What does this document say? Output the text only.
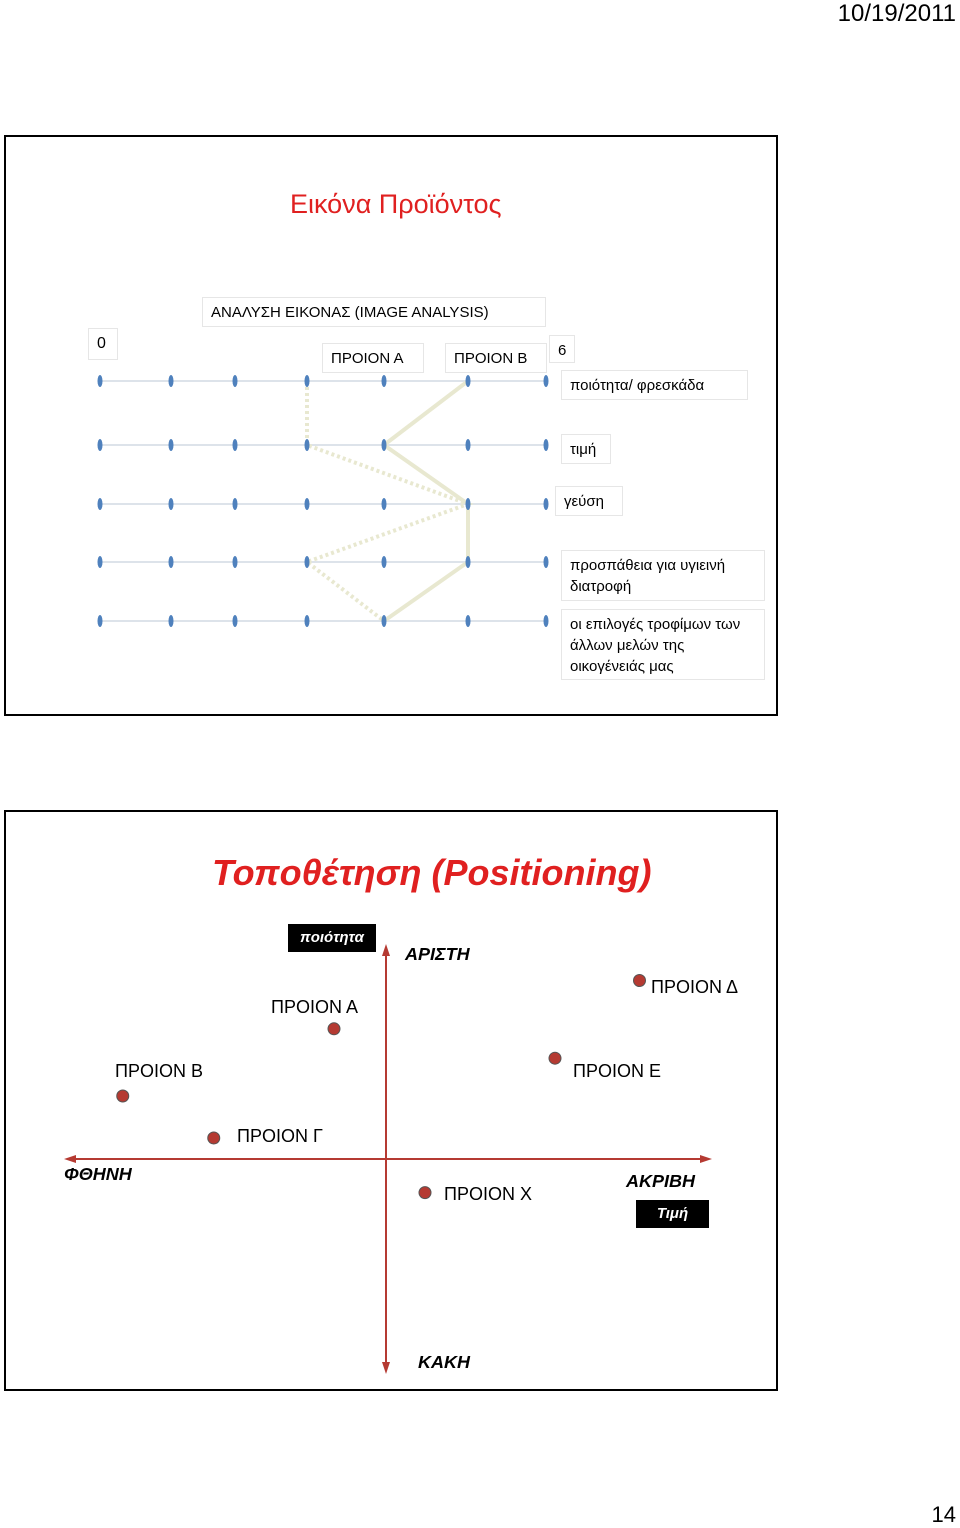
10/19/2011
Εικόνα Προϊόντος
ΑΝΑΛΥΣΗ ΕΙΚΟΝΑΣ (IMAGE ANALYSIS)
0
ΠΡΟΙΟΝ Α	ΠΡΟΙΟΝ Β	6
ποιότητα/ φρεσκάδα
τιμή
γεύση
προσπάθεια για υγιεινή διατροφή
οι επιλογές τροφίμων των άλλων μελών της οικογένειάς μας
Τοποθέτηση (Positioning)
ποιότητα
Τιμή
ΑΡΙΣΤΗ
ΚΑΚΗ
ΦΘΗΝΗ	ΑΚΡΙΒΗ
ΠΡΟΙΟΝ Α
ΠΡΟΙΟΝ Β
ΠΡΟΙΟΝ Γ
ΠΡΟΙΟΝ Δ
ΠΡΟΙΟΝ Ε
ΠΡΟΙΟΝ Χ
14
